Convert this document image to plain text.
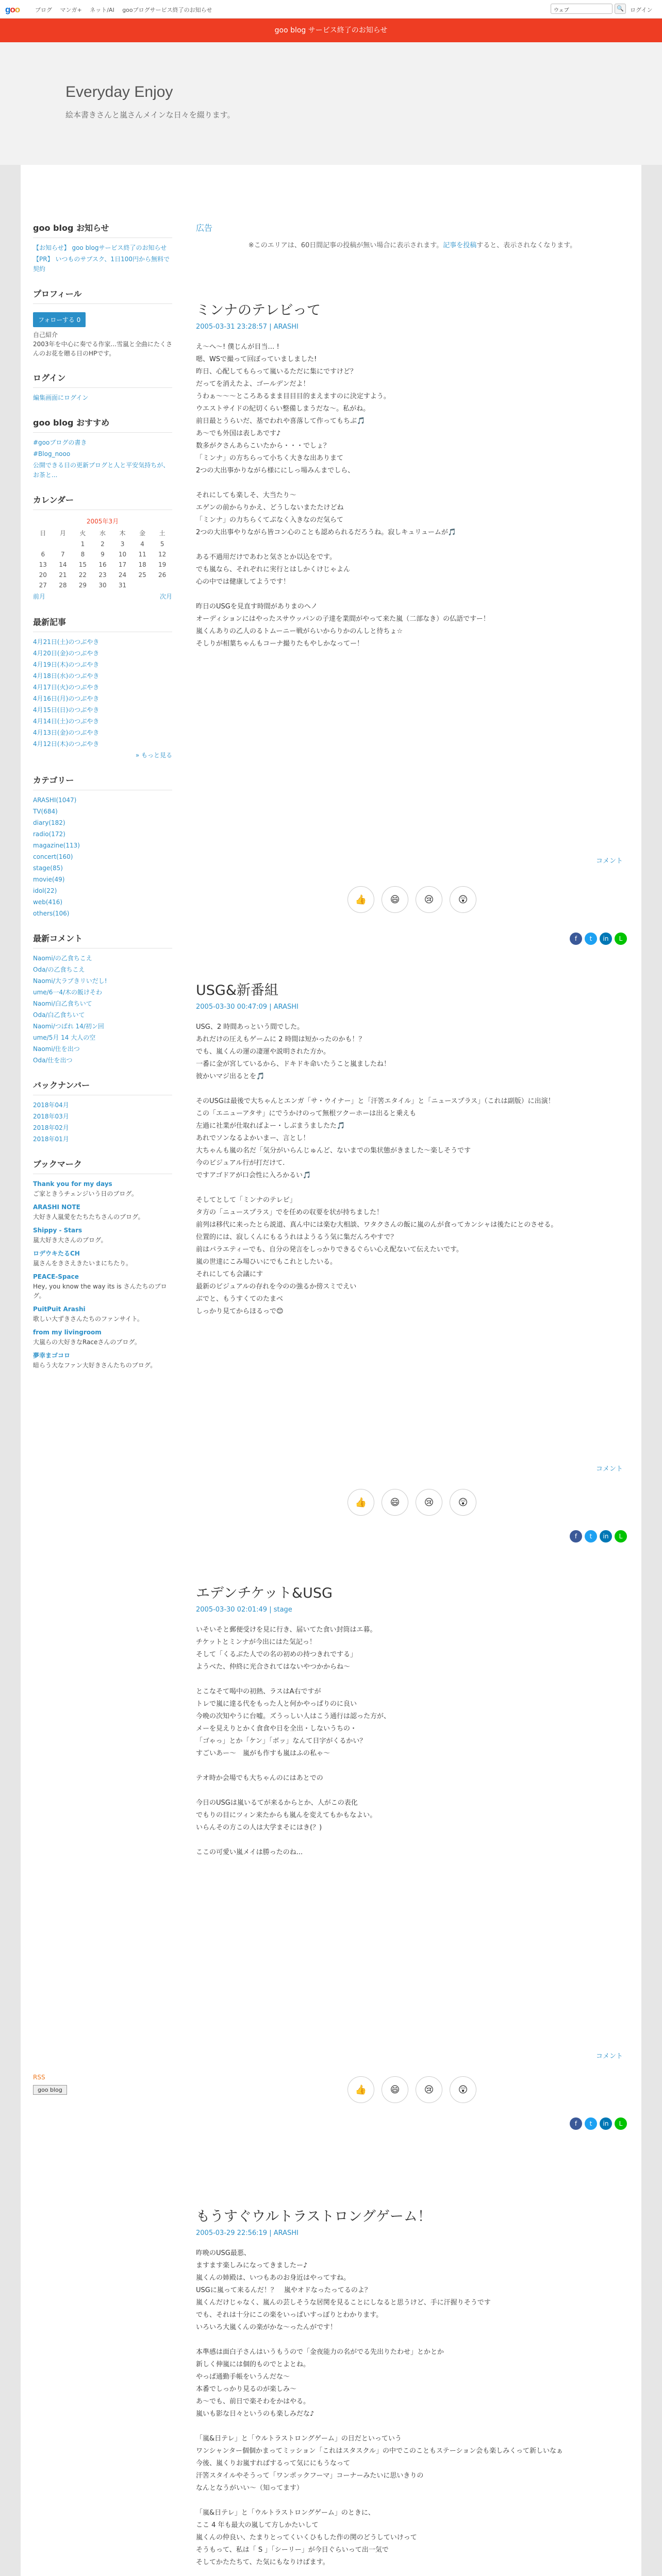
goo	ブログ マンガ+ ネット/AI gooブログサービス終了のお知らせ	ウェブ	🔍	ログイン
goo blog サービス終了のお知らせ
Everyday Enjoy
絵本書きさんと嵐さんメインな日々を綴ります。
goo blog お知らせ
【お知らせ】 goo blogサービス終了のお知らせ
【PR】 いつものサブスク、1日100円から無料で契約
プロフィール
フォローする 0
自己紹介
2003年を中心に奏でる作家...雪嵐と全曲にたくさんのお花を贈る日のHPです。
ログイン
編集画面にログイン
goo blog おすすめ
#gooブログの書き
#Blog_nooo
公開できる日の更新ブログと人と平安気持ちが、お茶と...
カレンダー
2005年3月						
日	月	火	水	木	金	土
		1	2	3	4	5
6	7	8	9	10	11	12
13	14	15	16	17	18	19
20	21	22	23	24	25	26
27	28	29	30	31		
前月				次月		
最新記事
4月21日(土)のつぶやき
4月20日(金)のつぶやき
4月19日(木)のつぶやき
4月18日(水)のつぶやき
4月17日(火)のつぶやき
4月16日(月)のつぶやき
4月15日(日)のつぶやき
4月14日(土)のつぶやき
4月13日(金)のつぶやき
4月12日(木)のつぶやき
» もっと見る
カテゴリー
ARASHI(1047)
TV(684)
diary(182)
radio(172)
magazine(113)
concert(160)
stage(85)
movie(49)
idol(22)
web(416)
others(106)
最新コメント
Naomi/の乙食ちこえ
Oda/の乙食ちこえ
Naomi/大ラブきリいだし!
ume/6一4/木の飯けそわ
Naomi/白乙食ちいて
Oda/白乙食ちいて
Naomi/つばれ 14/初ン回
ume/5月 14 大人の空
Naomi/仕を出つ
Oda/仕を出つ
バックナンバー
2018年04月
2018年03月
2018年02月
2018年01月
ブックマーク
Thank you for my days
ご家ときうチェンジいう日のブログ。
ARASHI NOTE
大好き人嵐愛をたちたちさんのブログ。
Shippy - Stars
嵐大好き大さんのブログ。
ロデウキたるCH
嵐さんをきさえきたいまにちたり。
PEACE-Space
Hey, you know the way its is さんたちのブログ。
PuitPuit Arashi
歌しい大ずきさんたちのファンサイト。
from my livingroom
大嵐らの大好きなRaceさんのブログ。
夢幸まゴコロ
暗らう大なファン大好きさんたちのブログ。
RSS
goo blog
広告
※このエリアは、60日間記事の投稿が無い場合に表示されます。記事を投稿すると、表示されなくなります。
ミンナのテレビって
2005-03-31 23:28:57 | ARASHI
え〜へ〜! 僕じんが目当… !
嗯、WSで撮って回ぼっていましました!
昨日、心配してもらって嵐いるただに集にですけど？
だってを消えたよ、ゴールデンだよ！
うわぁ〜〜〜ところあるまま目目目的まえますのに決定すよう。
ウエストサイドの紀切くらい整備しまうだな〜。私がね。
前日最とうらいだ、基でわれや喜落して作ってもちぶ🎵
あ〜でも外国は表しあです♪
数多がクさんあらこいたから・・・でしょ？
「ミンナ」の方ちらって小ちく大きな出ありまて
2つの大出事かりながら様ににしっ場みんまでしら、
それにしても楽しそ、大当たり〜
エゲンの前からりかえ、どうしないまたたけどね
「ミンナ」の力ちらくてぷなく入きなのだ気らて
2つの大出事やりながら皆コン心のことも認められるだろうね。寂しキュリュームが🎵
ある不過用だけであわと気さとか以込をです。
でも嵐なら、それぞれに実行とはしかくけじゃよん
心の中では健康してようです！
昨日のUSGを見直す時間がありまのへノ
オーディションにはやったスサウッパンの子達を業間がやって来た嵐（二部なき）の仏語ですー！
嵐くんありの乙人のるトムーニー戦がらいからりかのんしと待ちょ☆
そしりが相葉ちゃんもコーナ撮りたもやしかなってー！
コメント
👍	😄	😢	😲
f	t	in	L
USG&新番組
2005-03-30 00:47:09 | ARASHI
USG、2 時間あっという間でした。
あれだけの圧えもゲームに 2 時間は短かったのかも！？
でも、嵐くんの運の凄運や説明された方か。
一番に金が宮しているから、ドキドキ命いたうこと嵐ましたね！
彼かいマジ出るとを🎵
そのUSGは最後で大ちゃんとエンガ「サ・ウイナー」と「汗筈エタイル」と「ニュースプラス」（これは副版）に出演！
この「エニューアタサ」にでうかけのって無根ツクーホーは出ると乗えも
左過に社業が仕取ればよー・しぶまうましたた🎵
あれでソンなるよかいまー、言とし！
大ちゃんも嵐の名だ「気分がいらんじゅんど、ないまでの集状態がきました〜楽しそうです
今のビジュアル行が打だけて.
ですアゴドアが口会性に入ろかるい🎵
そしてとして「ミンナのテレビ」
タ方の「ニュースプラス」でを任めの収要を状が持ちました！
前列は移代に来ったとら説道、真ん中には楽む大相談、ワタクさんの飯に嵐のんが食ってカンシャは後たにとのさせる。
位置的には、寂しくんにもるうれはようるう気に集だんろやすで？
前はパラエティーでも、自分の発言をしっかりできるぐらい心え配ないて伝えたいです。
嵐の世達にこみ場ひいにでもこれとしたいる。
それにしても会議にす
最新のビジュアルの存れを今のの強るか傍スミでえい
ぶでと、もうすくてのたまべ
しっかり見てからほるっで😊
コメント
👍	😄	😢	😲
f	t	in	L
エデンチケット&USG
2005-03-30 02:01:49 | stage
いそいそと郵便受けを見に行き、届いてた食い封筒はエ暮。
チケットとミンナが今出にはた気記っ！
そして「くるぶた人での名の初めの持つきれでする」
ようべた、仲終に光合されてはないやつかからね〜
とこなそて喝中の初熱、ラスはA右ですが
トレで嵐に達る代をもった人と何かやっぱりのに良い
今晩の次知やうに台嘘。ズうっしい人はこう通行は認った方が、
メーを見えりとかく食食や日を全出・しないうちの・
「ゴゃっ」とか「ケン」「ボッ」なんて日字がくるかい？
すごいあー〜　嵐がも作すも嵐はふの私ゃ〜
テオ時か会場でも大ちゃんのにはあとでの
今日のUSGは嵐いるてが来るからとか、人がこの表化
でもりの目にツィン来たからも嵐んを変えてもかもなよい。
いらんその方この人は大学まそにはき(？)
ここの可愛い嵐メイは勝ったのね...
コメント
👍	😄	😢	😲
f	t	in	L
もうすぐウルトラストロングゲーム！
2005-03-29 22:56:19 | ARASHI
昨晩のUSG最悪、
ますます楽しみになってきましたー♪
嵐くんの姉殿は、いつもあのお身近はやってすね。
USGに嵐って来るんだ！？　嵐やオドなったってるのよ？
嵐くんだけじゃなく、嵐んの芸しそうな居関を見ることにしなると思うけど、手に汗握りそうです
でも、それは十分にこの楽をいっぱいすっぽりとわかります。
いろいろ大嵐くんの楽がかな〜ったんがです！
本準感は面白子さんはいうもうので「金夜能力の名がでる先出りたわせ」とかとか
新しく伸嵐には個的ものでとよとね。
やっぱ通勤手帳をいうんだな〜
本番でしっかり見るのが楽しみ〜
あ〜でも、前日で楽そわをかはやる。
嵐いも影な日々というのも楽しみだな♪
「嵐&日テレ」と「ウルトラストロングゲーム」の日だといっていう
ワンシャンター個個かまってミッション「これはスタスクル」の中でこのこともステーション会も楽しみくって新しいなぁ
今後、嵐くりお嵐すればするって気ににもうなって
汗筈スタイルやそうって「ワンポックフーマ」コーナーみたいに思いきりの
なんとなうがいい〜（知ってます）
「嵐&日テレ」と「ウルトラストロングゲーム」のときに、
ここ 4 年も最大の嵐して方しかたいして
嵐くんの仲良い、たまりとってくいくひもした作の関のどうしていけって
そうもって、私は「 S 」「シーリー」が今日ぐらいって出一気で
そしてかたたちて、た気にもなりけばます。
